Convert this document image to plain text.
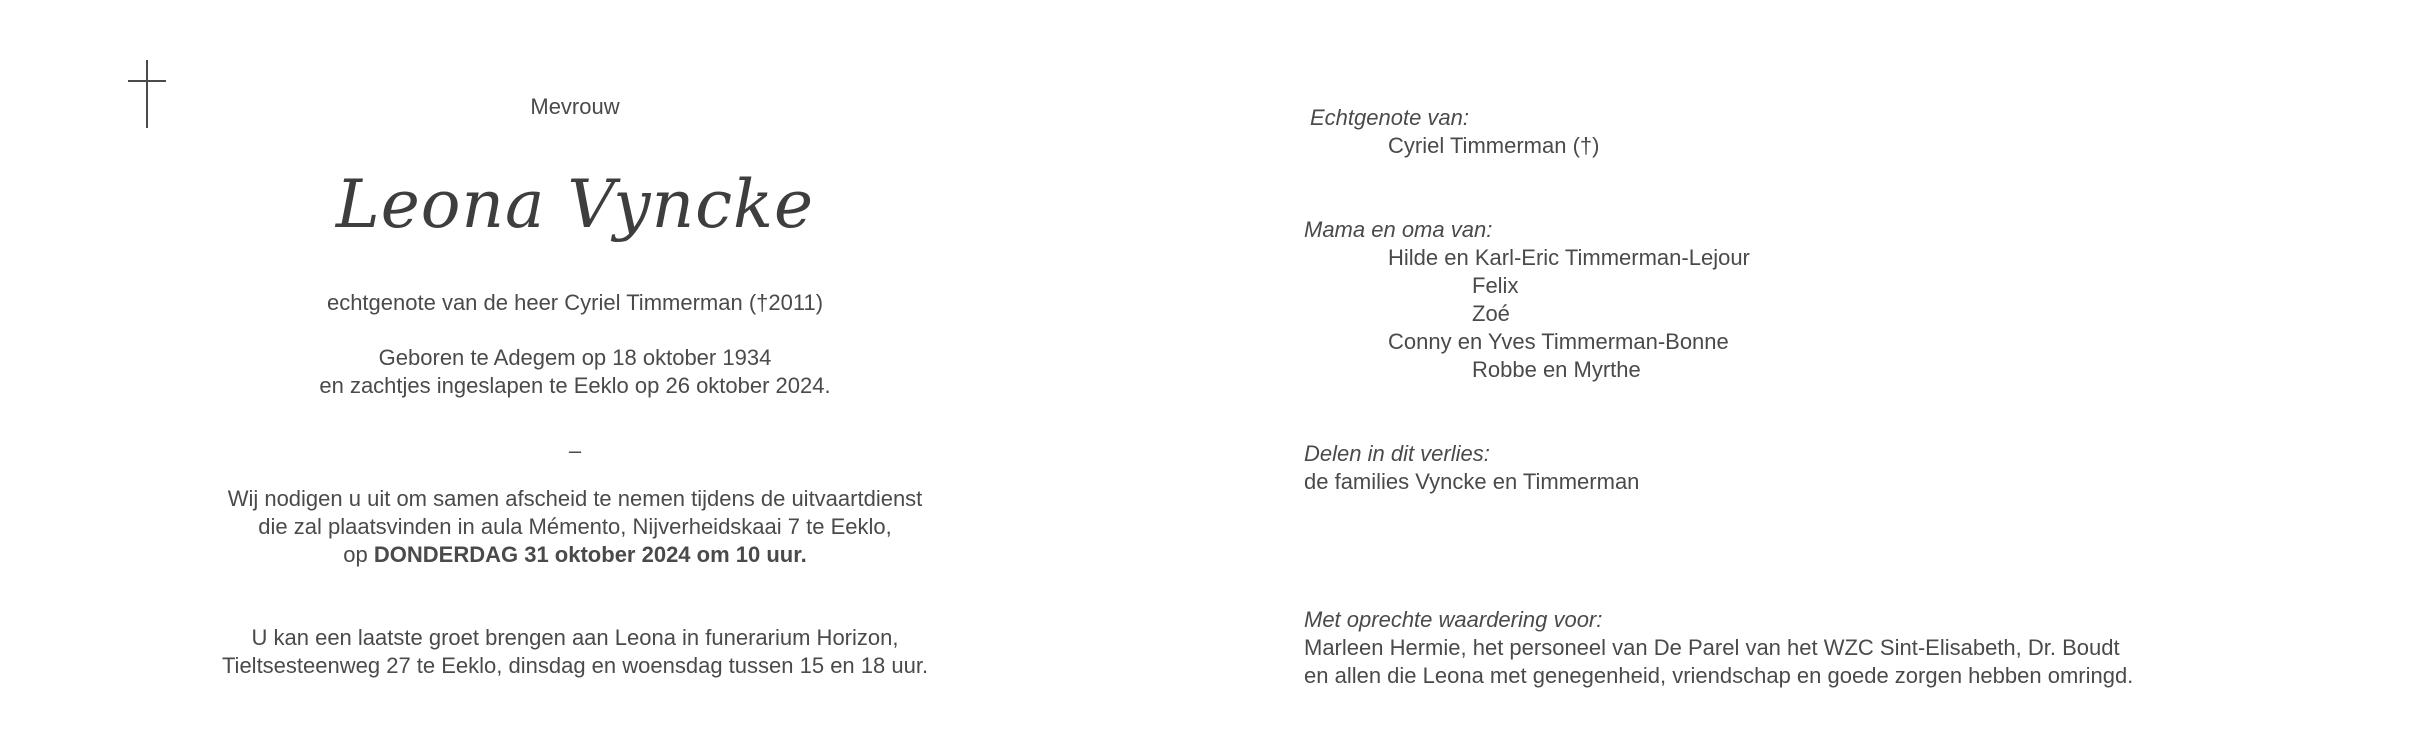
Mevrouw
Leona Vyncke
echtgenote van de heer Cyriel Timmerman (†2011)
Geboren te Adegem op 18 oktober 1934
en zachtjes ingeslapen te Eeklo op 26 oktober 2024.
–
Wij nodigen u uit om samen afscheid te nemen tijdens de uitvaartdienst
die zal plaatsvinden in aula Mémento, Nijverheidskaai 7 te Eeklo,
op DONDERDAG 31 oktober 2024 om 10 uur.
U kan een laatste groet brengen aan Leona in funerarium Horizon,
Tieltsesteenweg 27 te Eeklo, dinsdag en woensdag tussen 15 en 18 uur.
Echtgenote van:
Cyriel Timmerman (†)
Mama en oma van:
Hilde en Karl-Eric Timmerman-Lejour
Felix
Zoé
Conny en Yves Timmerman-Bonne
Robbe en Myrthe
Delen in dit verlies:
de families Vyncke en Timmerman
Met oprechte waardering voor:
Marleen Hermie, het personeel van De Parel van het WZC Sint-Elisabeth, Dr. Boudt
en allen die Leona met genegenheid, vriendschap en goede zorgen hebben omringd.
